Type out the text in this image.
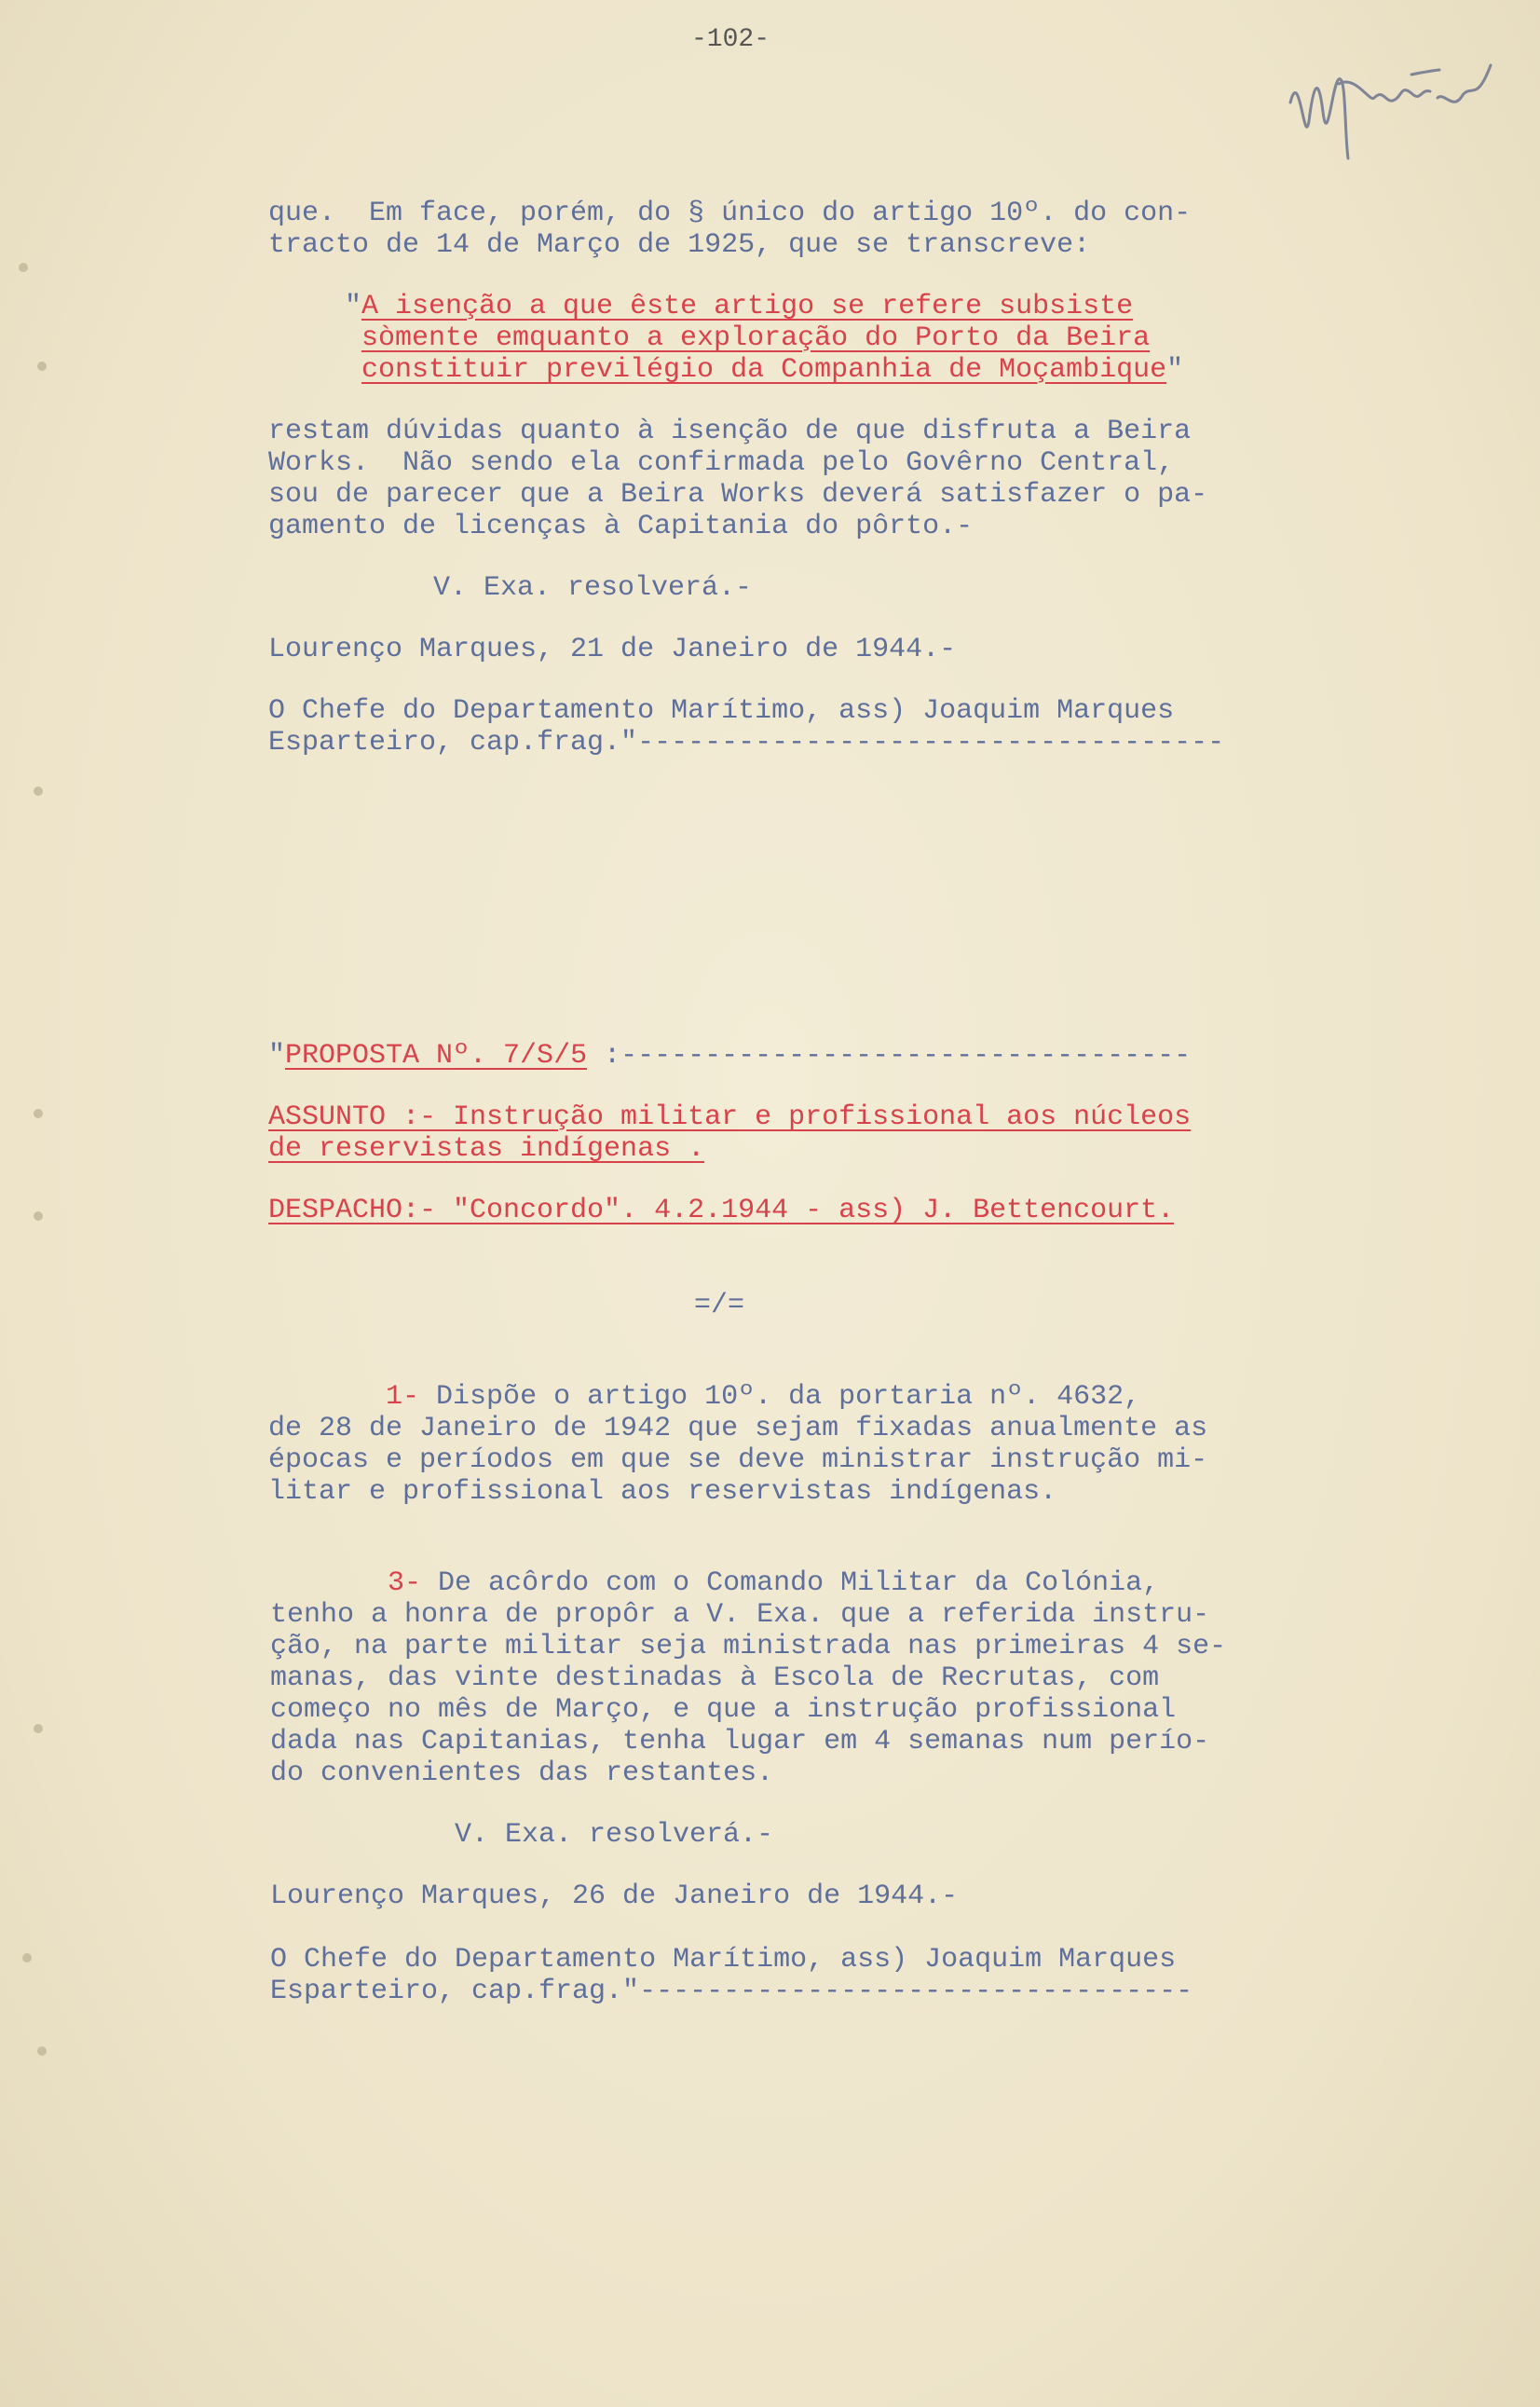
-102-
que.  Em face, porém, do § único do artigo 10º. do con-
tracto de 14 de Março de 1925, que se transcreve:
"A isenção a que êste artigo se refere subsiste
sòmente emquanto a exploração do Porto da Beira
constituir previlégio da Companhia de Moçambique"
restam dúvidas quanto à isenção de que disfruta a Beira
Works.  Não sendo ela confirmada pelo Govêrno Central,
sou de parecer que a Beira Works deverá satisfazer o pa-
gamento de licenças à Capitania do pôrto.-
V. Exa. resolverá.-
Lourenço Marques, 21 de Janeiro de 1944.-
O Chefe do Departamento Marítimo, ass) Joaquim Marques
Esparteiro, cap.frag."-----------------------------------
"PROPOSTA Nº. 7/S/5 :----------------------------------
ASSUNTO :- Instrução militar e profissional aos núcleos
de reservistas indígenas .
DESPACHO:- "Concordo". 4.2.1944 - ass) J. Bettencourt.
=/=
1- Dispõe o artigo 10º. da portaria nº. 4632,
de 28 de Janeiro de 1942 que sejam fixadas anualmente as
épocas e períodos em que se deve ministrar instrução mi-
litar e profissional aos reservistas indígenas.
3- De acôrdo com o Comando Militar da Colónia,
tenho a honra de propôr a V. Exa. que a referida instru-
ção, na parte militar seja ministrada nas primeiras 4 se-
manas, das vinte destinadas à Escola de Recrutas, com
começo no mês de Março, e que a instrução profissional
dada nas Capitanias, tenha lugar em 4 semanas num perío-
do convenientes das restantes.
V. Exa. resolverá.-
Lourenço Marques, 26 de Janeiro de 1944.-
O Chefe do Departamento Marítimo, ass) Joaquim Marques
Esparteiro, cap.frag."---------------------------------
